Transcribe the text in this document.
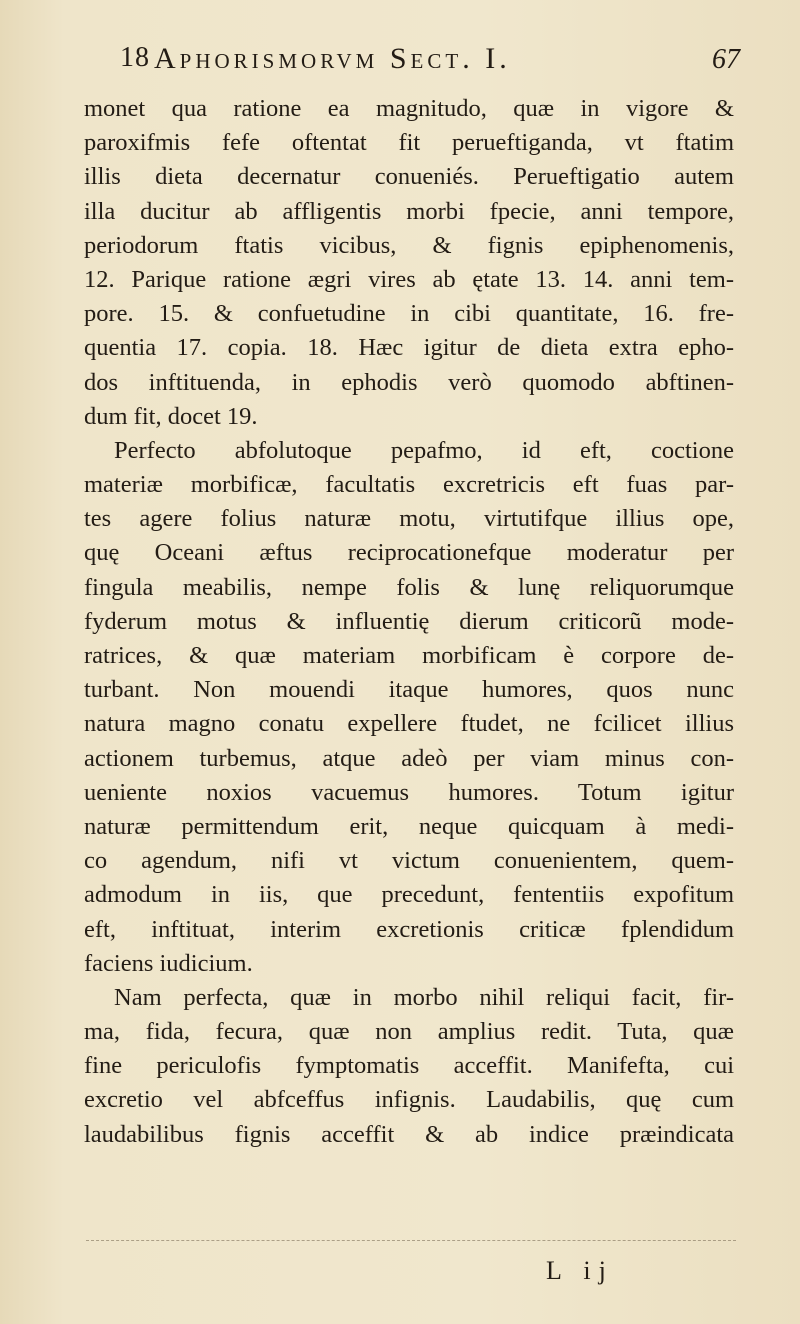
18 Aphorismorvm Sect. I.	67
monet qua ratione ea magnitudo, quæ in vigore &
paroxifmis fefe oftentat fit perueftiganda, vt ftatim
illis dieta decernatur conueniés. Perueftigatio autem
illa ducitur ab affligentis morbi fpecie, anni tempore,
periodorum ftatis vicibus, & fignis epiphenomenis,
12. Parique ratione ægri vires ab ętate 13. 14. anni tem-
pore. 15. & confuetudine in cibi quantitate, 16. fre-
quentia 17. copia. 18. Hæc igitur de dieta extra epho-
dos inftituenda, in ephodis verò quomodo abftinen-
dum fit, docet 19.
Perfecto abfolutoque pepafmo, id eft, coctione
materiæ morbificæ, facultatis excretricis eft fuas par-
tes agere folius naturæ motu, virtutifque illius ope,
quę Oceani æftus reciprocationefque moderatur per
fingula meabilis, nempe folis & lunę reliquorumque
fyderum motus & influentię dierum criticorũ mode-
ratrices, & quæ materiam morbificam è corpore de-
turbant. Non mouendi itaque humores, quos nunc
natura magno conatu expellere ftudet, ne fcilicet illius
actionem turbemus, atque adeò per viam minus con-
ueniente noxios vacuemus humores. Totum igitur
naturæ permittendum erit, neque quicquam à medi-
co agendum, nifi vt victum conuenientem, quem-
admodum in iis, que precedunt, fententiis expofitum
eft, inftituat, interim excretionis criticæ fplendidum
faciens iudicium.
Nam perfecta, quæ in morbo nihil reliqui facit, fir-
ma, fida, fecura, quæ non amplius redit. Tuta, quæ
fine periculofis fymptomatis acceffit. Manifefta, cui
excretio vel abfceffus infignis. Laudabilis, quę cum
laudabilibus fignis acceffit & ab indice præindicata
L ij
